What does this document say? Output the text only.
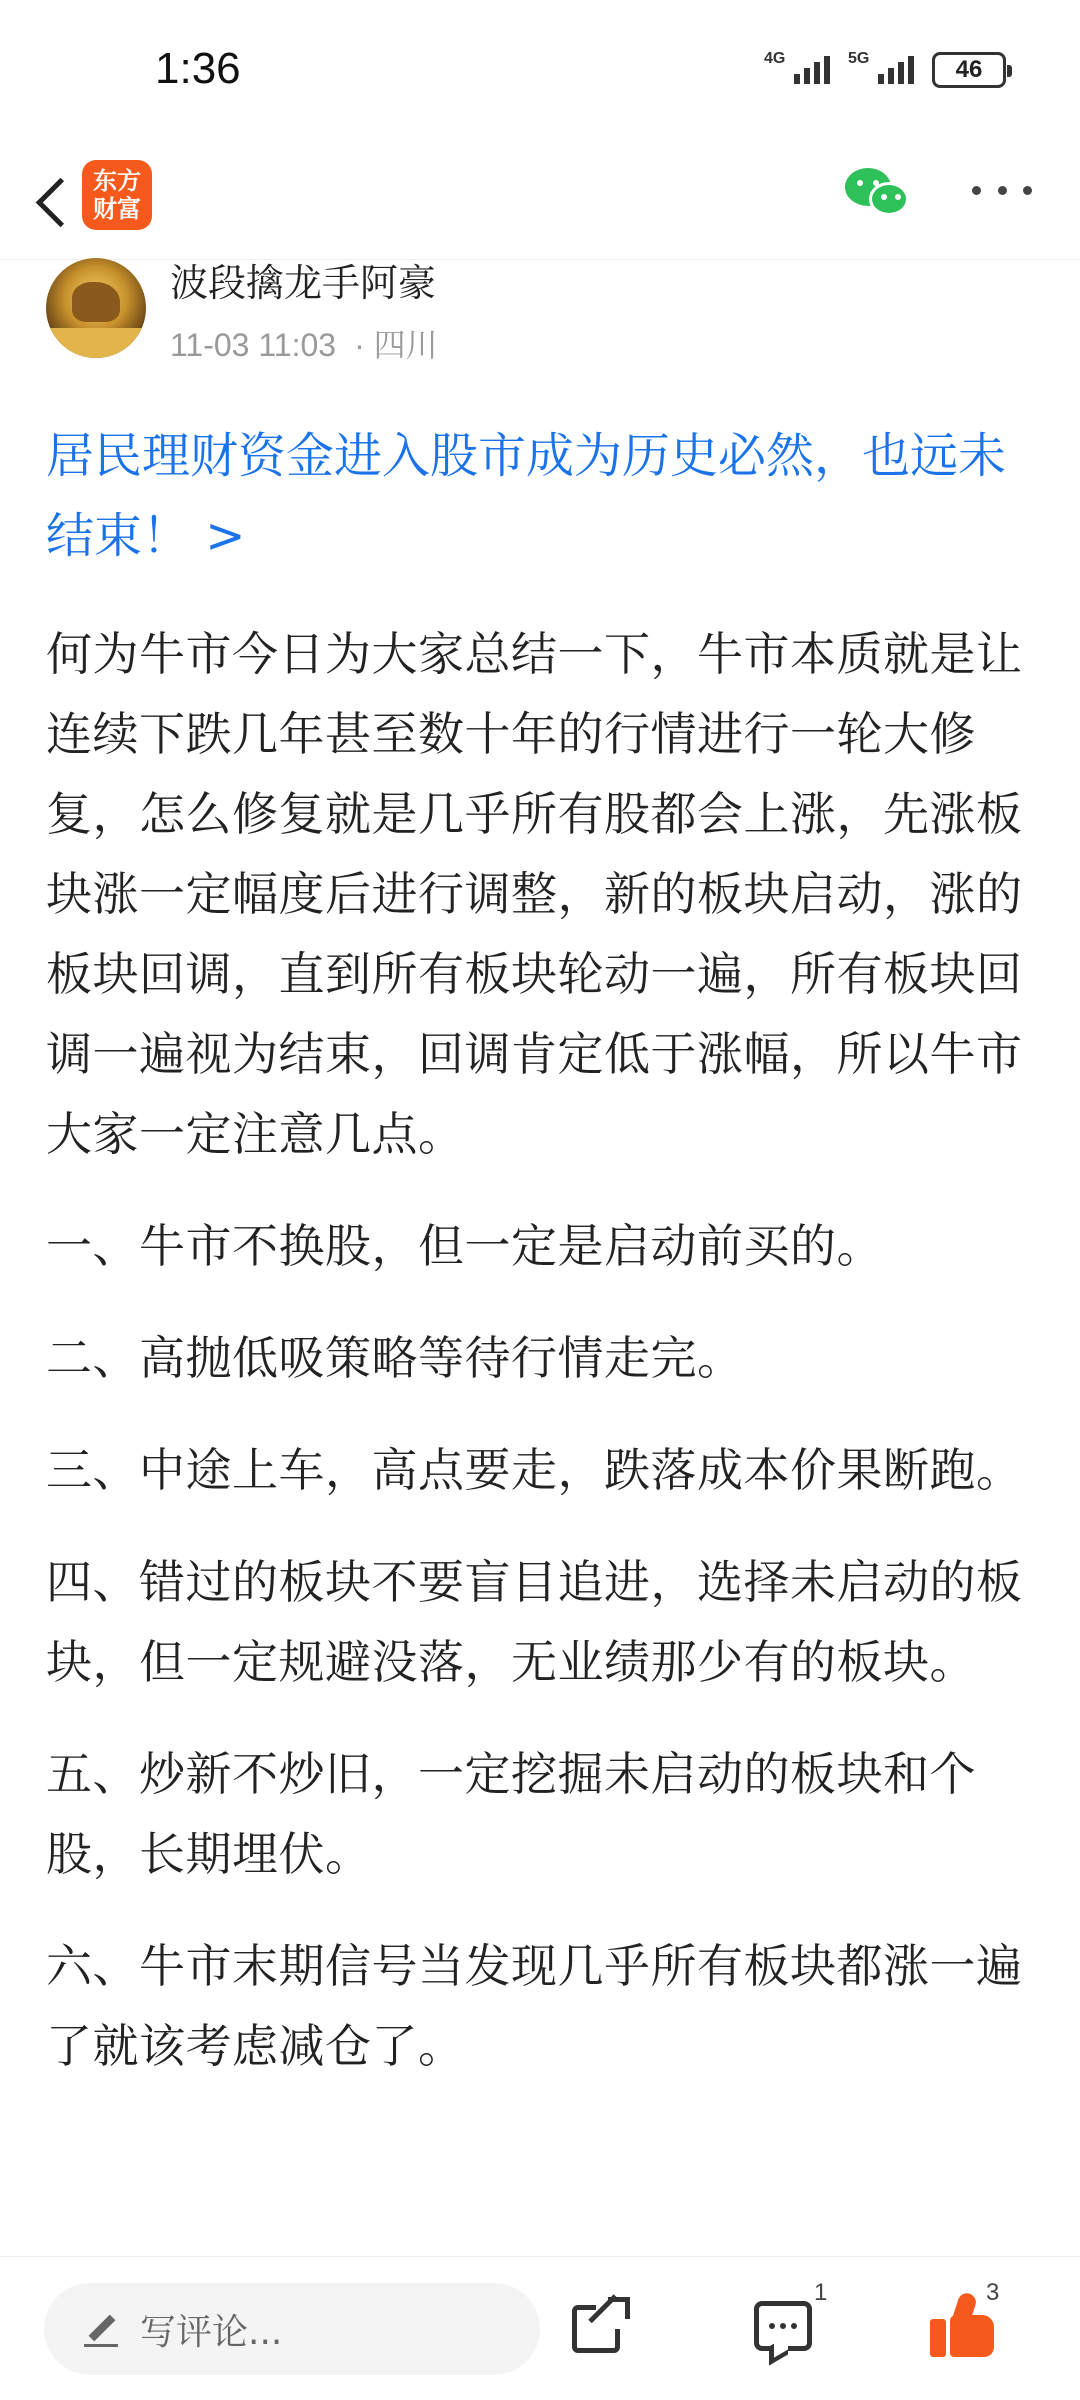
1:36	4G	5G	46
东方财富
波段擒龙手阿豪
11-03 11:03 · 四川
居民理财资金进入股市成为历史必然，也远未结束！ >

何为牛市今日为大家总结一下，牛市本质就是让连续下跌几年甚至数十年的行情进行一轮大修复，怎么修复就是几乎所有股都会上涨，先涨板块涨一定幅度后进行调整，新的板块启动，涨的板块回调，直到所有板块轮动一遍，所有板块回调一遍视为结束，回调肯定低于涨幅，所以牛市大家一定注意几点。

一、牛市不换股，但一定是启动前买的。

二、高抛低吸策略等待行情走完。

三、中途上车，高点要走，跌落成本价果断跑。

四、错过的板块不要盲目追进，选择未启动的板块，但一定规避没落，无业绩那少有的板块。

五、炒新不炒旧，一定挖掘未启动的板块和个股，长期埋伏。

六、牛市末期信号当发现几乎所有板块都涨一遍了就该考虑减仓了。

写评论...
1	3
